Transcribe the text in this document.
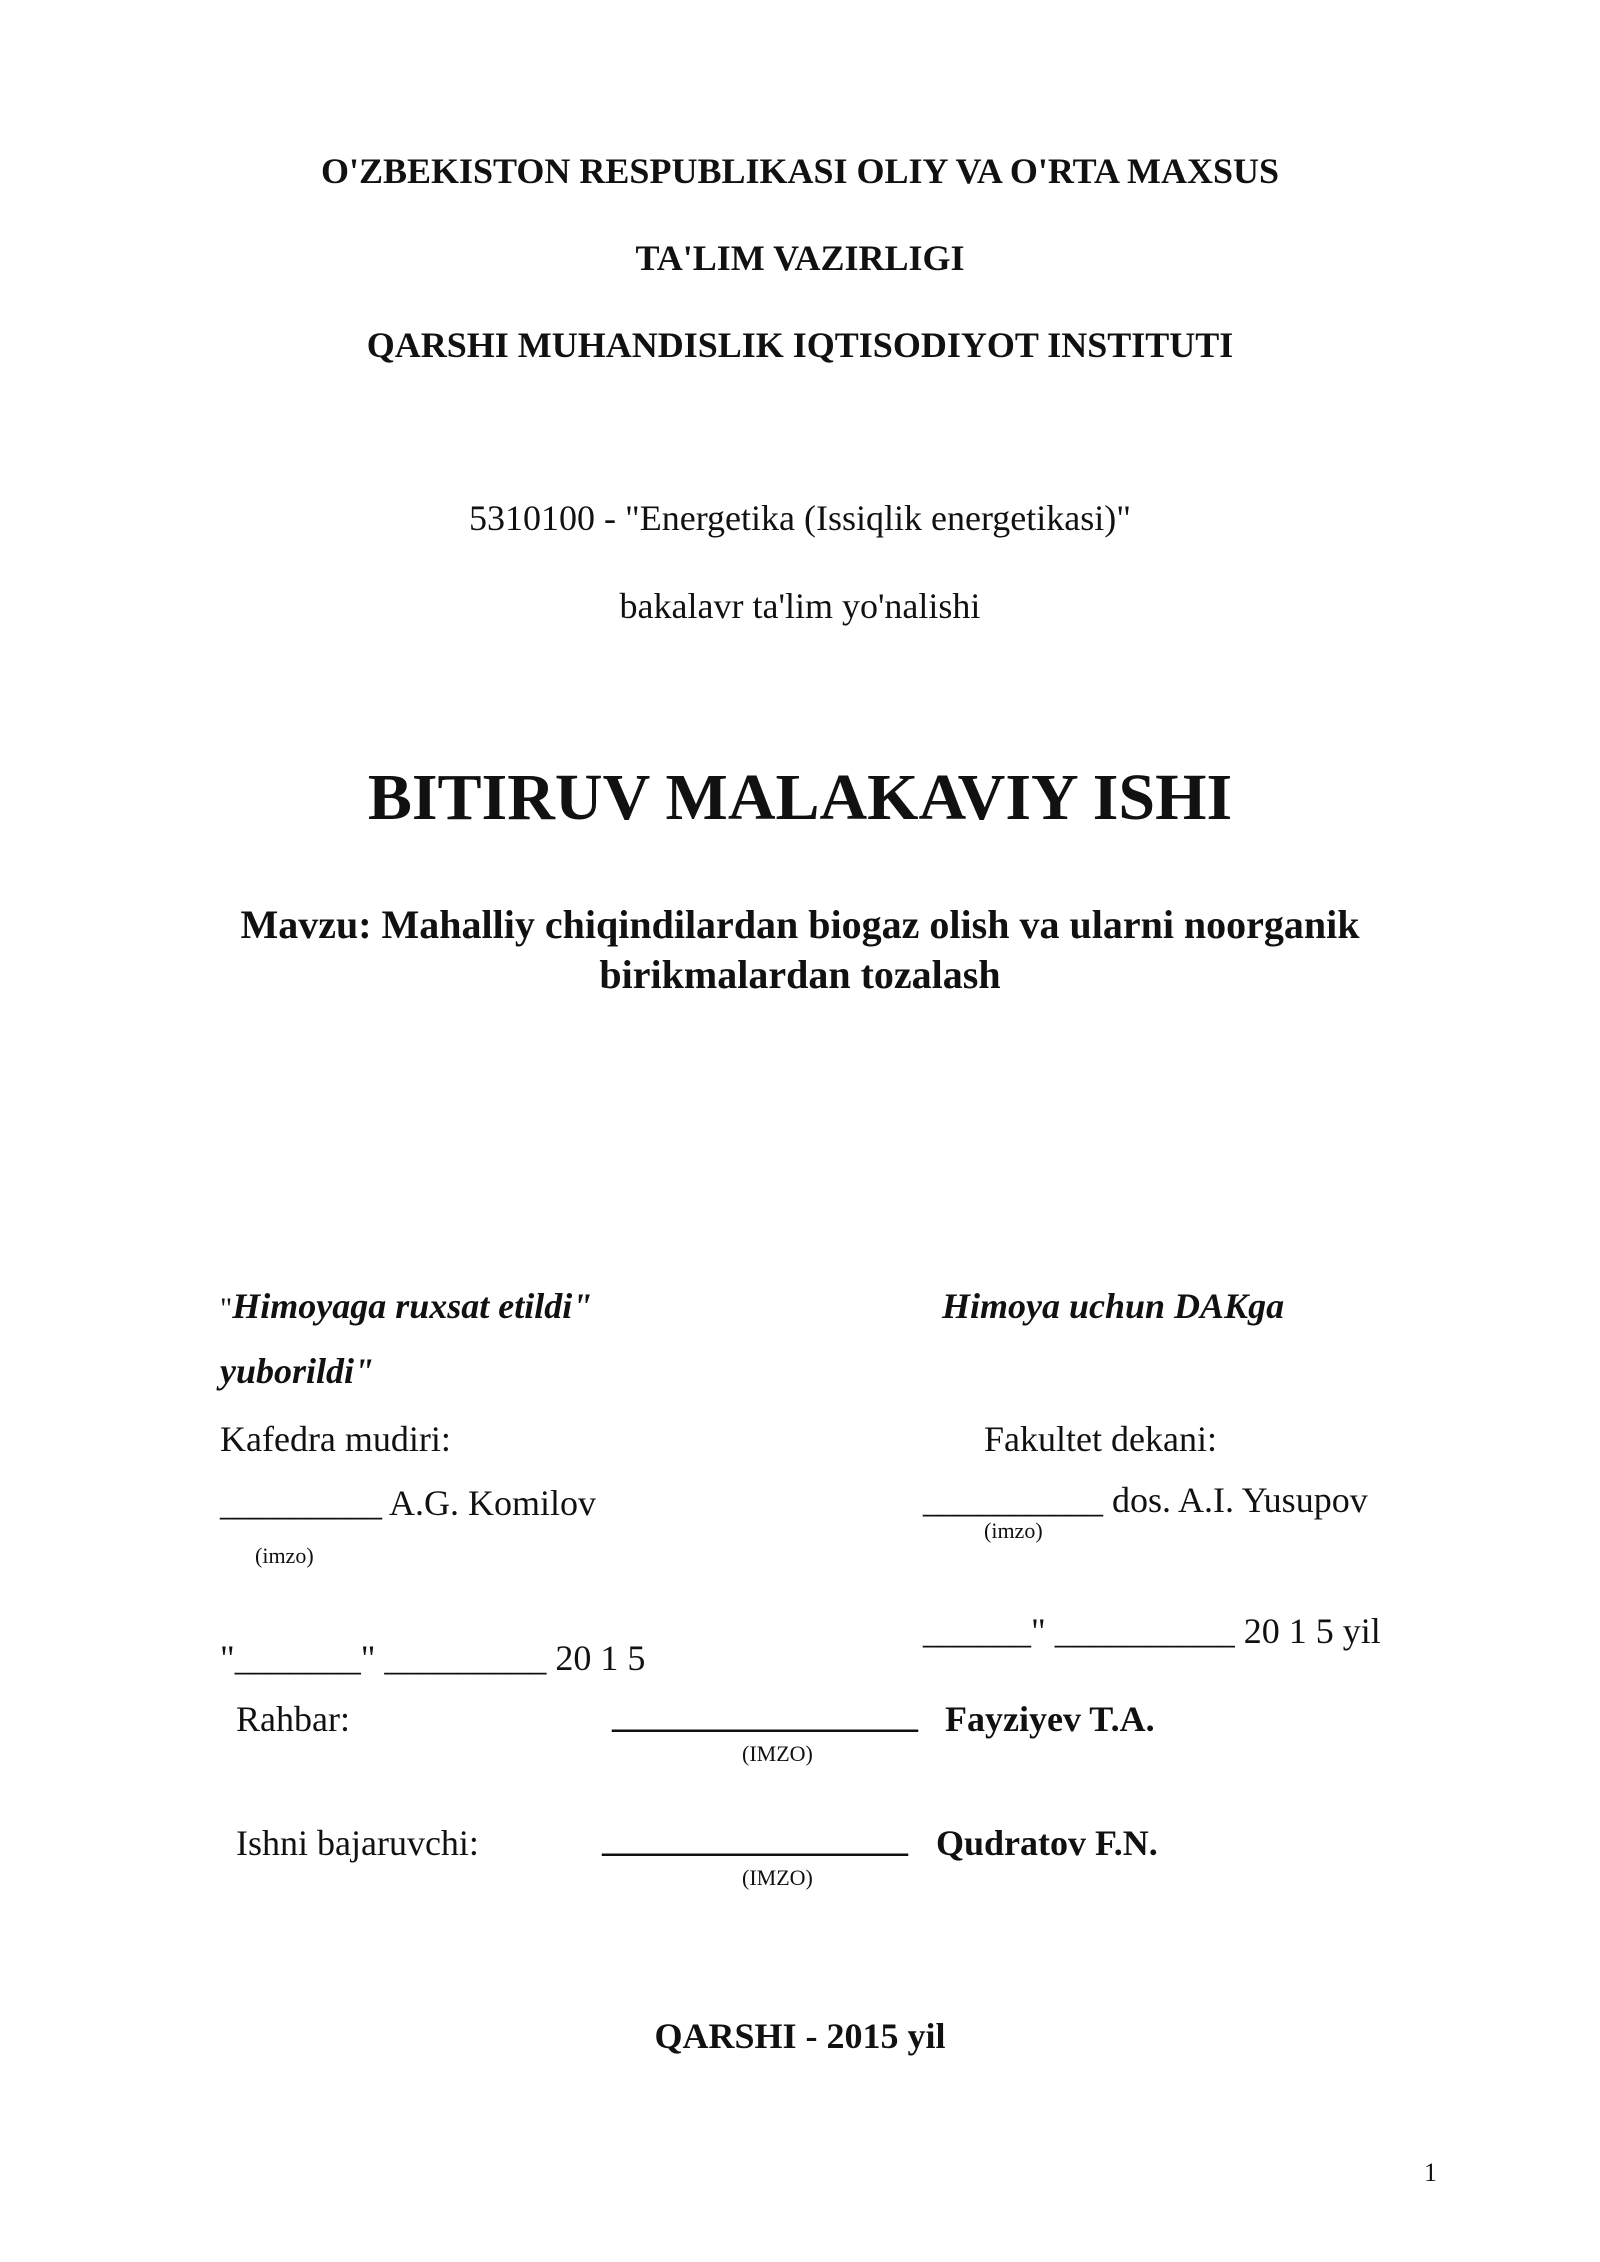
O'ZBEKISTON RESPUBLIKASI OLIY VA O'RTA MAXSUS
TA'LIM VAZIRLIGI
QARSHI MUHANDISLIK IQTISODIYOT INSTITUTI
5310100 - "Energetika (Issiqlik energetikasi)"
bakalavr ta'lim yo'nalishi
BITIRUV MALAKAVIY ISHI
Mavzu: Mahalliy chiqindilardan biogaz olish va ularni noorganik
birikmalardan tozalash
"Himoyaga ruxsat etildi"
yuborildi"
Kafedra mudiri:
_________ A.G. Komilov
(imzo)
"_______" _________ 20 1 5
Himoya uchun DAKga
Fakultet dekani:
__________ dos. A.I. Yusupov
(imzo)
______" __________ 20 1 5 yil
Rahbar:	_________________ Fayziyev T.A.
(IMZO)
Ishni bajaruvchi:	_________________ Qudratov F.N.
(IMZO)
QARSHI - 2015 yil
1
